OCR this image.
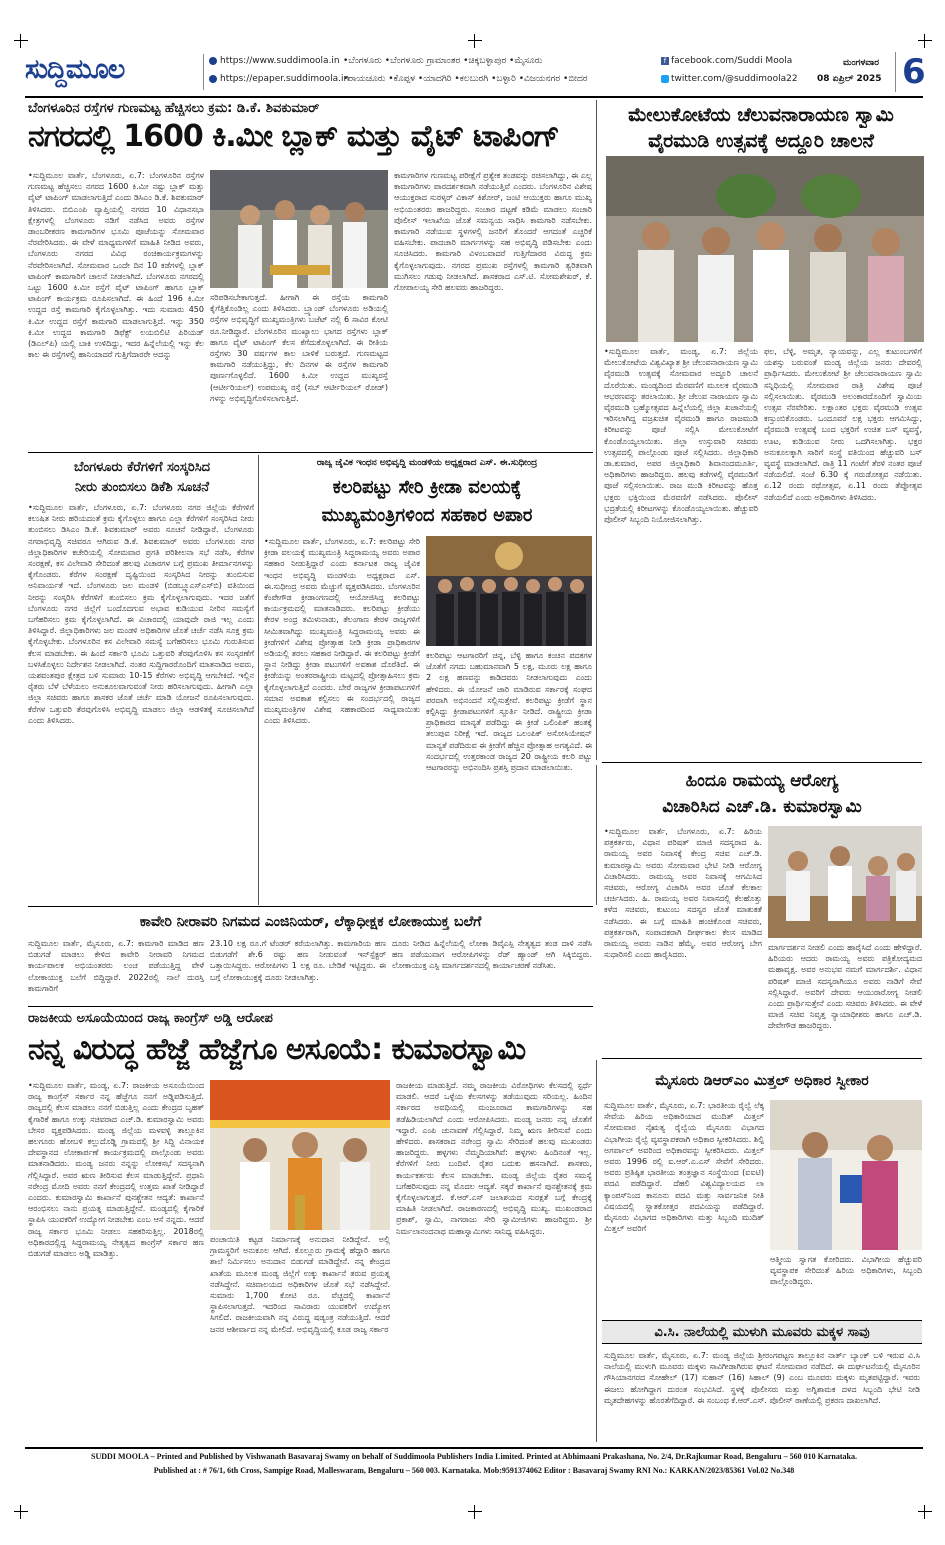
ಸುದ್ದಿಮೂಲ	https://www.suddimoola.in
https://epaper.suddimoola.in
•ಬೆಂಗಳೂರು •ಬೆಂಗಳೂರು ಗ್ರಾಮಾಂತರ •ಚಿಕ್ಕಬಳ್ಳಾಪುರ •ಮೈಸೂರು
•ರಾಯಚೂರು •ಕೊಪ್ಪಳ •ಯಾದಗಿರಿ •ಕಲಬುರಗಿ •ಬಳ್ಳಾರಿ •ವಿಜಯನಗರ •ಬೀದರ
f facebook.com/Suddi Moola
twitter.com/@suddimoola22
ಮಂಗಳವಾರ
08 ಏಪ್ರಿಲ್ 2025 6
ಬೆಂಗಳೂರಿನ ರಸ್ತೆಗಳ ಗುಣಮಟ್ಟ ಹೆಚ್ಚಿಸಲು ಕ್ರಮ: ಡಿ.ಕೆ. ಶಿವಕುಮಾರ್
ನಗರದಲ್ಲಿ 1600 ಕಿ.ಮೀ ಬ್ಲಾಕ್ ಮತ್ತು ವೈಟ್ ಟಾಪಿಂಗ್
•ಸುದ್ದಿಮೂಲ ವಾರ್ತೆ, ಬೆಂಗಳೂರು, ಏ.7: ಬೆಂಗಳೂರಿನ ರಸ್ತೆಗಳ ಗುಣಮಟ್ಟ ಹೆಚ್ಚಿಸಲು ನಗರದ 1600 ಕಿ.ಮೀ ನಷ್ಟು ಬ್ಲಾಕ್ ಮತ್ತು ವೈಟ್ ಟಾಪಿಂಗ್ ಮಾಡಲಾಗುತ್ತಿದೆ ಎಂದು ಡಿಸಿಎಂ ಡಿ.ಕೆ. ಶಿವಕುಮಾರ್ ತಿಳಿಸಿದರು. ಬಿಬಿಎಂಪಿ ವ್ಯಾಪ್ತಿಯಲ್ಲಿ ನಗರದ 10 ವಿಧಾನಸಭಾ ಕ್ಷೇತ್ರಗಳಲ್ಲಿ ಬೆಂಗಳೂರು ನಡಿಗೆ ನಡೆಸಿದ ಅವರು ರಸ್ತೆಗಳ ಡಾಂಬರೀಕರಣ ಕಾಮಗಾರಿಗಳ ಭೂಮಿ ಪೂಜೆಯನ್ನು ಸೋಮವಾರ ನೆರವೇರಿಸಿದರು. ಈ ವೇಳೆ ಮಾಧ್ಯಮಗಳಿಗೆ ಮಾಹಿತಿ ನೀಡಿದ ಅವರು, ಬೆಂಗಳೂರು ನಗರದ ವಿವಿಧ ರಂಚಿಕಾರ್ಯಕ್ರಮಗಳನ್ನು ನೆರವೇರಿಸಲಾಗಿದೆ. ಸೋಮವಾರ ಒಂದೇ ದಿನ 10 ಕಡೆಗಳಲ್ಲಿ ಬ್ಲಾಕ್ ಟಾಪಿಂಗ್ ಕಾಮಗಾರಿಗೆ ಚಾಲನೆ ನೀಡಲಾಗಿದೆ. ಬೆಂಗಳೂರು ನಗರದಲ್ಲಿ ಒಟ್ಟು 1600 ಕಿ.ಮೀ ರಸ್ತೆಗೆ ವೈಟ್ ಟಾಪಿಂಗ್ ಹಾಗೂ ಬ್ಲಾಕ್ ಟಾಪಿಂಗ್ ಕಾರ್ಯಕ್ರಮ ರೂಪಿಸಲಾಗಿದೆ. ಈ ಹಿಂದೆ 196 ಕಿ.ಮೀ ಉದ್ದದ ರಸ್ತೆ ಕಾಮಗಾರಿ ಕೈಗೊಳ್ಳಲಾಗಿತ್ತು. ಇದು ಸುಮಾರು 450 ಕಿ.ಮೀ ಉದ್ದದ ರಸ್ತೆಗೆ ಕಾಮಗಾರಿ ಮಾಡಲಾಗುತ್ತಿದೆ. ಇನ್ನು 350 ಕಿ.ಮೀ ಉದ್ದದ ಕಾಮಗಾರಿ ಡಿಫೆಕ್ಟ್ ಲಯಬಿಲಿಟಿ ಪಿರಿಯಡ್ (ಡಿಎಲ್‌ಪಿ) ಯಲ್ಲಿ ಬಾಕಿ ಉಳಿದಿದ್ದು, ಇದರ ಹಿನ್ನೆಲೆಯಲ್ಲಿ ಇನ್ನು ಕೆಲ ಕಾಲ ಈ ರಸ್ತೆಗಳಲ್ಲಿ ಹಾನಿಯಾದರೆ ಗುತ್ತಿಗೆದಾರರೇ ಅದನ್ನು
ಸರಿಪಡಿಸಬೇಕಾಗುತ್ತದೆ. ಹೀಗಾಗಿ ಈ ರಸ್ತೆಯ ಕಾಮಗಾರಿ ಕೈಗೆತ್ತಿಕೊಂಡಿಲ್ಲ ಎಂದು ತಿಳಿಸಿದರು. ಬ್ರ್ಯಾಂಡ್ ಬೆಂಗಳೂರು ಅಡಿಯಲ್ಲಿ ರಸ್ತೆಗಳ ಅಭಿವೃದ್ಧಿಗೆ ಮುಖ್ಯಮಂತ್ರಿಗಳು ಬಜೆಟ್ ನಲ್ಲಿ 6 ಸಾವಿರ ಕೋಟಿ ರೂ.ನೀಡಿದ್ದಾರೆ. ಬೆಂಗಳೂರಿನ ಮುಖ್ಯಾಲು ಭಾಗದ ರಸ್ತೆಗಳು ಬ್ಲಾಕ್ ಹಾಗೂ ವೈಟ್ ಟಾಪಿಂಗ್ ಕೆಲಸ ಕೆಗೆದುಕೊಳ್ಳಲಾಗಿದೆ. ಈ ರೀತಿಯ ರಸ್ತೆಗಳು 30 ವರ್ಷಗಳ ಕಾಲ ಬಾಳಿಕೆ ಬರುತ್ತದೆ. ಗುಣಮಟ್ಟದ ಕಾಮಗಾರಿ ನಡೆಯುತ್ತಿದ್ದು, ಕೆಲ ದಿನಗಳ ಈ ರಸ್ತೆಗಳ ಕಾಮಗಾರಿ ಪೂರ್ಣಗೊಳ್ಳಲಿದೆ. 1600 ಕಿ.ಮೀ ಉದ್ದದ ಮುಖ್ಯರಸ್ತೆ (ಆರ್ಟೀರಿಯಲ್) ಉಪಮುಖ್ಯ ರಸ್ತೆ (ಸಬ್ ಆರ್ಟೀರಿಯಲ್ ರೋಡ್) ಗಳನ್ನು ಅಭಿವೃದ್ಧಿಗೊಳಿಸಲಾಗುತ್ತಿದೆ.
ಕಾಮಗಾರಿಗಳ ಗುಣಮಟ್ಟ ಪರೀಕ್ಷೆಗೆ ಪ್ರತ್ಯೇಕ ತಂಡವನ್ನು ರಚಿಸಲಾಗಿದ್ದು, ಈ ಎಲ್ಲ ಕಾಮಗಾರಿಗಳು ಪಾರದರ್ಶಕವಾಗಿ ನಡೆಯುತ್ತಿವೆ ಎಂದರು. ಬೆಂಗಳೂರಿನ ವಿಶೇಷ ಆಯುಕ್ತರಾದ ಸುರಳ್ಕರ್ ವಿಕಾಸ್ ಕಿಶೋರ್, ಜಂಟಿ ಆಯುಕ್ತರು ಹಾಗೂ ಮುಖ್ಯ ಅಭಿಯಂತರರು ಹಾಜರಿದ್ದರು. ಸಂಚಾರ ದಟ್ಟಣೆ ಕಡಿಮೆ ಮಾಡಲು ಸಂಚಾರಿ ಪೊಲೀಸ್ ಇಲಾಖೆಯ ಜೊತೆ ಸಮನ್ವಯ ಸಾಧಿಸಿ ಕಾಮಗಾರಿ ನಡೆಸಬೇಕು. ಕಾಮಗಾರಿ ನಡೆಯುವ ಸ್ಥಳಗಳಲ್ಲಿ ಜನರಿಗೆ ತೊಂದರೆ ಆಗದಂತೆ ಎಚ್ಚರಿಕೆ ವಹಿಸಬೇಕು. ಪಾದಚಾರಿ ಮಾರ್ಗಗಳನ್ನು ಸಹ ಅಭಿವೃದ್ಧಿ ಪಡಿಸಬೇಕು ಎಂದು ಸೂಚಿಸಿದರು. ಕಾಮಗಾರಿ ವಿಳಂಬವಾದರೆ ಗುತ್ತಿಗೆದಾರರ ವಿರುದ್ಧ ಕ್ರಮ ಕೈಗೊಳ್ಳಲಾಗುವುದು. ನಗರದ ಪ್ರಮುಖ ರಸ್ತೆಗಳಲ್ಲಿ ಕಾಮಗಾರಿ ತ್ವರಿತವಾಗಿ ಮುಗಿಸಲು ಗಡುವು ನೀಡಲಾಗಿದೆ. ಶಾಸಕರಾದ ಎಸ್.ಟಿ. ಸೋಮಶೇಖರ್, ಕೆ. ಗೋಪಾಲಯ್ಯ ಸೇರಿ ಹಲವರು ಹಾಜರಿದ್ದರು.
ಮೇಲುಕೋಟೆಯ ಚೆಲುವನಾರಾಯಣ ಸ್ವಾಮಿ
ವೈರಮುಡಿ ಉತ್ಸವಕ್ಕೆ ಅದ್ದೂರಿ ಚಾಲನೆ
•ಸುದ್ದಿಮೂಲ ವಾರ್ತೆ, ಮಂಡ್ಯ, ಏ.7: ಜಿಲ್ಲೆಯ ಮೇಲುಕೋಟೆಯ ವಿಶ್ವವಿಖ್ಯಾತ ಶ್ರೀ ಚೆಲುವನಾರಾಯಣ ಸ್ವಾಮಿ ವೈರಮುಡಿ ಉತ್ಸವಕ್ಕೆ ಸೋಮವಾರ ಅದ್ದೂರಿ ಚಾಲನೆ ದೊರೆಯಿತು. ಮಂಡ್ಯದಿಂದ ಮೆರವಣಿಗೆ ಮೂಲಕ ವೈರಮುಡಿ ಆಭರಣವನ್ನು ತರಲಾಯಿತು. ಶ್ರೀ ಚೆಲುವ ನಾರಾಯಣ ಸ್ವಾಮಿ ವೈರಮುಡಿ ಬ್ರಹ್ಮೋತ್ಸವದ ಹಿನ್ನೆಲೆಯಲ್ಲಿ ಜಿಲ್ಲಾ ಖಜಾನೆಯಲ್ಲಿ ಇರಿಸಲಾಗಿದ್ದ ವಜ್ರಖಚಿತ ವೈರಮುಡಿ ಹಾಗೂ ರಾಜಮುಡಿ ಕಿರೀಟವನ್ನು ಪೂಜೆ ಸಲ್ಲಿಸಿ ಮೇಲುಕೋಟೆಗೆ ಕೊಂಡೊಯ್ಯಲಾಯಿತು. ಜಿಲ್ಲಾ ಉಸ್ತುವಾರಿ ಸಚಿವರು ಉತ್ಸವದಲ್ಲಿ ಪಾಲ್ಗೊಂಡು ಪೂಜೆ ಸಲ್ಲಿಸಿದರು. ಜಿಲ್ಲಾಧಿಕಾರಿ ಡಾ.ಕುಮಾರ, ಅಪರ ಜಿಲ್ಲಾಧಿಕಾರಿ ಶಿವಾನಂದಮೂರ್ತಿ, ಅಧಿಕಾರಿಗಳು ಹಾಜರಿದ್ದರು. ಹಲವು ಕಡೆಗಳಲ್ಲಿ ವೈರಮುಡಿಗೆ ಪೂಜೆ ಸಲ್ಲಿಸಲಾಯಿತು. ರಾಜ ಮುಡಿ ಕಿರೀಟವನ್ನು ಹೊತ್ತ ಭಕ್ತರು ಭಕ್ತಿಯಿಂದ ಮೆರವಣಿಗೆ ನಡೆಸಿದರು. ಪೊಲೀಸ್ ಭದ್ರತೆಯಲ್ಲಿ ಕಿರೀಟಗಳನ್ನು ಕೊಂಡೊಯ್ಯಲಾಯಿತು. ಹೆಚ್ಚುವರಿ ಪೊಲೀಸ್ ಸಿಬ್ಬಂದಿ ನಿಯೋಜಿಸಲಾಗಿತ್ತು.
ಫಲ, ಬೆಳ್ಳಿ, ಅಮೃತ, ನ್ಯಾಯವನ್ನು, ಎಲ್ಲ ಕುಟುಂಬಗಳಿಗೆ ಯಶಸ್ಸು ಬರುವಂತೆ ಮಂಡ್ಯ ಜಿಲ್ಲೆಯ ಜನರು ದೇವರಲ್ಲಿ ಪ್ರಾರ್ಥಿಸಿದರು. ಮೇಲುಕೋಟೆ ಶ್ರೀ ಚೆಲುವನಾರಾಯಣ ಸ್ವಾಮಿ ಸನ್ನಿಧಿಯಲ್ಲಿ ಸೋಮವಾರ ರಾತ್ರಿ ವಿಶೇಷ ಪೂಜೆ ಸಲ್ಲಿಸಲಾಯಿತು. ವೈರಮುಡಿ ಅಲಂಕಾರದೊಂದಿಗೆ ಸ್ವಾಮಿಯ ಉತ್ಸವ ನೆರವೇರಿತು. ಲಕ್ಷಾಂತರ ಭಕ್ತರು ವೈರಮುಡಿ ಉತ್ಸವ ಕಣ್ತುಂಬಿಕೊಂಡರು. ಒಂದೂವರೆ ಲಕ್ಷ ಭಕ್ತರು ಆಗಮಿಸಿದ್ದು, ವೈರಮುಡಿ ಉತ್ಸವಕ್ಕೆ ಬಂದ ಭಕ್ತರಿಗೆ ಉಚಿತ ಬಸ್ ವ್ಯವಸ್ಥೆ, ಊಟ, ಕುಡಿಯುವ ನೀರು ಒದಗಿಸಲಾಗಿತ್ತು. ಭಕ್ತರ ಅನುಕೂಲಕ್ಕಾಗಿ ಸಾರಿಗೆ ಸಂಸ್ಥೆ ವತಿಯಿಂದ ಹೆಚ್ಚುವರಿ ಬಸ್ ವ್ಯವಸ್ಥೆ ಮಾಡಲಾಗಿದೆ. ರಾತ್ರಿ 11 ಗಂಟೆಗೆ ತೆರಳಿ ನಂತರ ಪೂಜೆ ನಡೆಯಲಿದೆ. ಸಂಜೆ 6.30 ಕ್ಕೆ ಗರುಡೋತ್ಸವ ನಡೆಯಿತು. ಏ.12 ರಂದು ರಥೋತ್ಸವ, ಏ.11 ರಂದು ತೆಪ್ಪೋತ್ಸವ ನಡೆಯಲಿದೆ ಎಂದು ಅಧಿಕಾರಿಗಳು ತಿಳಿಸಿದರು.
ಬೆಂಗಳೂರು ಕೆರೆಗಳಿಗೆ ಸಂಸ್ಕರಿಸಿದ
ನೀರು ತುಂಬಿಸಲು ಡಿಕೆಶಿ ಸೂಚನೆ
•ಸುದ್ದಿಮೂಲ ವಾರ್ತೆ, ಬೆಂಗಳೂರು, ಏ.7: ಬೆಂಗಳೂರು ನಗರ ಜಿಲ್ಲೆಯ ಕೆರೆಗಳಿಗೆ ಕಲುಷಿತ ನೀರು ಹರಿಯದಂತೆ ಕ್ರಮ ಕೈಗೊಳ್ಳಲು ಹಾಗೂ ಎಲ್ಲಾ ಕೆರೆಗಳಿಗೆ ಸಂಸ್ಕರಿಸಿದ ನೀರು ತುಂಬಿಸಲು ಡಿಸಿಎಂ ಡಿ.ಕೆ. ಶಿವಕುಮಾರ್ ಅವರು ಸೂಚನೆ ನೀಡಿದ್ದಾರೆ. ಬೆಂಗಳೂರು ನಗರಾಭಿವೃದ್ಧಿ ಸಚಿವರೂ ಆಗಿರುವ ಡಿ.ಕೆ. ಶಿವಕುಮಾರ್ ಅವರು ಬೆಂಗಳೂರು ನಗರ ಜಿಲ್ಲಾಧಿಕಾರಿಗಳ ಕಚೇರಿಯಲ್ಲಿ ಸೋಮವಾರ ಪ್ರಗತಿ ಪರಿಶೀಲನಾ ಸಭೆ ನಡೆಸಿ, ಕೆರೆಗಳ ಸಂರಕ್ಷಣೆ, ಕಸ ವಿಲೇವಾರಿ ಸೇರಿದಂತೆ ಹಲವು ವಿಚಾರಗಳ ಬಗ್ಗೆ ಪ್ರಮುಖ ತೀರ್ಮಾನಗಳನ್ನು ಕೈಗೊಂಡರು. ಕೆರೆಗಳ ಸಂರಕ್ಷಣೆ ದೃಷ್ಟಿಯಿಂದ ಸಂಸ್ಕರಿಸಿದ ನೀರನ್ನು ತುಂಬಿಸುವ ಅನಿವಾರ್ಯತೆ ಇದೆ. ಬೆಂಗಳೂರು ಜಲ ಮಂಡಳಿ (ಬಿಡಬ್ಲ್ಯೂಎಸ್‌ಎಸ್‌ಬಿ) ವತಿಯಿಂದ ನೀರನ್ನು ಸಂಸ್ಕರಿಸಿ ಕೆರೆಗಳಿಗೆ ತುಂಬಿಸಲು ಕ್ರಮ ಕೈಗೊಳ್ಳಲಾಗುವುದು. ಇದರ ಜತೆಗೆ ಬೆಂಗಳೂರು ನಗರ ಜಿಲ್ಲೆಗೆ ಬಂದೊದಗುವ ಅಭಾವ ಕುಡಿಯುವ ನೀರಿನ ಸಮಸ್ಯೆಗೆ ಬಗೆಹರಿಸಲು ಕ್ರಮ ಕೈಗೊಳ್ಳಲಾಗಿದೆ. ಈ ವಿಚಾರದಲ್ಲಿ ಯಾವುದೇ ರಾಜಿ ಇಲ್ಲ ಎಂದು ತಿಳಿಸಿದ್ದಾರೆ. ಜಿಲ್ಲಾಧಿಕಾರಿಗಳು ಜಲ ಮಂಡಳಿ ಅಧಿಕಾರಿಗಳ ಜೊತೆ ಚರ್ಚೆ ನಡೆಸಿ ಸೂಕ್ತ ಕ್ರಮ ಕೈಗೊಳ್ಳಬೇಕು. ಬೆಂಗಳೂರಿನ ಕಸ ವಿಲೇವಾರಿ ಸಮಸ್ಯೆ ಬಗೆಹರಿಸಲು ಭೂಮಿ ಗುರುತಿಸುವ ಕೆಲಸ ಮಾಡಬೇಕು. ಈ ಹಿಂದೆ ಸರ್ಕಾರಿ ಭೂಮಿ ಒತ್ತುವರಿ ತೆರವುಗೊಳಿಸಿ ಕಸ ಸಂಸ್ಕರಣೆಗೆ ಬಳಸಿಕೊಳ್ಳಲು ನಿರ್ದೇಶನ ನೀಡಲಾಗಿದೆ. ನಂತರ ಸುದ್ದಿಗಾರರೊಂದಿಗೆ ಮಾತನಾಡಿದ ಅವರು, ಯಶವಂತಪುರ ಕ್ಷೇತ್ರದ ಬಳಿ ಸುಮಾರು 10-15 ಕೆರೆಗಳು ಅಭಿವೃದ್ಧಿ ಆಗಬೇಕಿದೆ. ಇಲ್ಲಿನ ರೈತರು ಬೆಳೆ ಬೆಳೆಯಲು ಅನುಕೂಲವಾಗುವಂತೆ ನೀರು ಹರಿಸಲಾಗುವುದು. ಹೀಗಾಗಿ ಎಲ್ಲಾ ಜಿಲ್ಲಾ ಸಚಿವರು ಹಾಗೂ ಶಾಸಕರ ಜೊತೆ ಚರ್ಚೆ ಮಾಡಿ ಯೋಜನೆ ರೂಪಿಸಲಾಗುವುದು. ಕೆರೆಗಳ ಒತ್ತುವರಿ ತೆರವುಗೊಳಿಸಿ ಅಭಿವೃದ್ಧಿ ಮಾಡಲು ಜಿಲ್ಲಾ ಆಡಳಿತಕ್ಕೆ ಸೂಚಿಸಲಾಗಿದೆ ಎಂದು ತಿಳಿಸಿದರು.
ರಾಜ್ಯ ಜೈವಿಕ ಇಂಧನ ಅಭಿವೃದ್ಧಿ ಮಂಡಳಿಯ ಅಧ್ಯಕ್ಷರಾದ ಎಸ್. ಈ.ಸುಧೀಂದ್ರ
ಕಲರಿಪಟ್ಟು ಸೇರಿ ಕ್ರೀಡಾ ವಲಯಕ್ಕೆ
ಮುಖ್ಯಮಂತ್ರಿಗಳಿಂದ ಸಹಕಾರ ಅಪಾರ
•ಸುದ್ದಿಮೂಲ ವಾರ್ತೆ, ಬೆಂಗಳೂರು, ಏ.7: ಕಲರಿಪಟ್ಟು ಸೇರಿ ಕ್ರೀಡಾ ವಲಯಕ್ಕೆ ಮುಖ್ಯಮಂತ್ರಿ ಸಿದ್ದರಾಮಯ್ಯ ಅವರು ಅಪಾರ ಸಹಕಾರ ನೀಡುತ್ತಿದ್ದಾರೆ ಎಂದು ಕರ್ನಾಟಕ ರಾಜ್ಯ ಜೈವಿಕ ಇಂಧನ ಅಭಿವೃದ್ಧಿ ಮಂಡಳಿಯ ಅಧ್ಯಕ್ಷರಾದ ಎಸ್. ಈ.ಸುಧೀಂದ್ರ ಅವರು ಮೆಚ್ಚುಗೆ ವ್ಯಕ್ತಪಡಿಸಿದರು. ಬೆಂಗಳೂರಿನ ಕೆಂಪೇಗೌಡ ಕ್ರೀಡಾಂಗಣದಲ್ಲಿ ಆಯೋಜಿಸಿದ್ದ ಕಲರಿಪಟ್ಟು ಕಾರ್ಯಕ್ರಮದಲ್ಲಿ ಮಾತನಾಡಿದರು. ಕಲರಿಪಟ್ಟು ಕ್ರೀಡೆಯು ಕೇರಳ ಅಂಧ್ರ ತಮಿಳುನಾಡು, ತೆಲಂಗಾಣ ಕೇರಳ ರಾಜ್ಯಗಳಿಗೆ ಸೀಮಿತವಾಗಿದ್ದು ಮುಖ್ಯಮಂತ್ರಿ ಸಿದ್ದರಾಮಯ್ಯ ಅವರು ಈ ಕ್ರೀಡೆಗಳಿಗೆ ವಿಶೇಷ ಪ್ರೋತ್ಸಾಹ ನೀಡಿ ಕ್ರೀಡಾ ಪ್ರಾಧಿಕಾರಗಳ ಅಡಿಯಲ್ಲಿ ತರಲು ಸಹಕಾರ ನೀಡಿದ್ದಾರೆ. ಈ ಕಲರಿಪಟ್ಟು ಕ್ರೀಡೆಗೆ ಸ್ಥಾನ ನೀಡಿದ್ದು ಕ್ರೀಡಾ ಪಟುಗಳಿಗೆ ಅವಕಾಶ ದೊರೆತಿದೆ. ಈ ಕ್ರೀಡೆಯನ್ನು ಅಂತರರಾಷ್ಟ್ರೀಯ ಮಟ್ಟದಲ್ಲಿ ಪ್ರೋತ್ಸಾಹಿಸಲು ಕ್ರಮ ಕೈಗೊಳ್ಳಲಾಗುತ್ತಿದೆ ಎಂದರು. ಬೇರೆ ರಾಜ್ಯಗಳ ಕ್ರೀಡಾಪಟುಗಳಿಗೆ ಸಮಾನ ಅವಕಾಶ ಕಲ್ಪಿಸಲು ಈ ಸಂದರ್ಭದಲ್ಲಿ ರಾಜ್ಯದ ಮುಖ್ಯಮಂತ್ರಿಗಳ ವಿಶೇಷ ಸಹಕಾರದಿಂದ ಸಾಧ್ಯವಾಯಿತು ಎಂದು ತಿಳಿಸಿದರು.
ಕಲರಿಪಟ್ಟು ಆಟಗಾರರಿಗೆ ಚಿನ್ನ, ಬೆಳ್ಳಿ ಹಾಗೂ ಕಂಚಿನ ಪದಕಗಳ ಜೊತೆಗೆ ನಗದು ಬಹುಮಾನವಾಗಿ 5 ಲಕ್ಷ, ಮೂರು ಲಕ್ಷ ಹಾಗೂ 2 ಲಕ್ಷ ಹಣವನ್ನು ಕಾಡಿದವರು ನೀಡಲಾಗುವುದು ಎಂದು ಹೇಳಿದರು. ಈ ಯೋಜನೆ ಜಾರಿ ಮಾಡಿರುವ ಸರ್ಕಾರಕ್ಕೆ ಸಂಘದ ಪರವಾಗಿ ಅಭಿನಂದನೆ ಸಲ್ಲಿಸುತ್ತೇವೆ. ಕಲರಿಪಟ್ಟು ಕ್ರೀಡೆಗೆ ಸ್ಥಾನ ಕಲ್ಪಿಸಿದ್ದು ಕ್ರೀಡಾಪಟುಗಳಿಗೆ ಸ್ಪೂರ್ತಿ ನೀಡಿದೆ. ರಾಷ್ಟ್ರೀಯ ಕ್ರೀಡಾ ಪ್ರಾಧಿಕಾರದ ಮಾನ್ಯತೆ ಪಡೆದಿದ್ದು ಈ ಕ್ರೀಡೆ ಒಲಿಂಪಿಕ್ ಹಂತಕ್ಕೆ ತಲುಪುವ ನಿರೀಕ್ಷೆ ಇದೆ. ರಾಜ್ಯದ ಒಲಂಪಿಕ್ ಅಸೋಸಿಯೇಷನ್ ಮಾನ್ಯತೆ ಪಡೆದಿರುವ ಈ ಕ್ರೀಡೆಗೆ ಹೆಚ್ಚಿನ ಪ್ರೋತ್ಸಾಹ ಅಗತ್ಯವಿದೆ. ಈ ಸಂದರ್ಭದಲ್ಲಿ ಉತ್ತರಕಾಂಡ ರಾಜ್ಯದ 20 ರಾಷ್ಟ್ರೀಯ ಕಲರಿ ಪಟ್ಟು ಆಟಗಾರರನ್ನು ಅಭಿನಂದಿಸಿ ಪ್ರಶಸ್ತಿ ಪ್ರದಾನ ಮಾಡಲಾಯಿತು.
ಹಿಂದೂ ರಾಮಯ್ಯ ಆರೋಗ್ಯ
ವಿಚಾರಿಸಿದ ಎಚ್.ಡಿ. ಕುಮಾರಸ್ವಾಮಿ
•ಸುದ್ದಿಮೂಲ ವಾರ್ತೆ, ಬೆಂಗಳೂರು, ಏ.7: ಹಿರಿಯ ಪತ್ರಕರ್ತರು, ವಿಧಾನ ಪರಿಷತ್ ಮಾಜಿ ಸದಸ್ಯರಾದ ಹಿ. ರಾಮಯ್ಯ ಅವರ ನಿವಾಸಕ್ಕೆ ಕೇಂದ್ರ ಸಚಿವ ಎಚ್.ಡಿ. ಕುಮಾರಸ್ವಾಮಿ ಅವರು ಸೋಮವಾರ ಭೇಟಿ ನೀಡಿ ಆರೋಗ್ಯ ವಿಚಾರಿಸಿದರು. ರಾಮಯ್ಯ ಅವರ ನಿವಾಸಕ್ಕೆ ಆಗಮಿಸಿದ ಸಚಿವರು, ಆರೋಗ್ಯ ವಿಚಾರಿಸಿ ಅವರ ಜೊತೆ ಕೆಲಕಾಲ ಚರ್ಚಿಸಿದರು. ಹಿ. ರಾಮಯ್ಯ ಅವರ ನಿವಾಸದಲ್ಲಿ ಕೆಲಹೊತ್ತು ಕಳೆದ ಸಚಿವರು, ಕುಟುಂಬ ಸದಸ್ಯರ ಜೊತೆ ಮಾತುಕತೆ ನಡೆಸಿದರು. ಈ ಬಗ್ಗೆ ಮಾಹಿತಿ ಹಂಚಿಕೊಂಡ ಸಚಿವರು, ಪತ್ರಕರ್ತರಾಗಿ, ಸಂಪಾದಕರಾಗಿ ದೀರ್ಘಕಾಲ ಕೆಲಸ ಮಾಡಿದ ರಾಮಯ್ಯ ಅವರು ನಾಡಿನ ಹೆಮ್ಮೆ. ಅವರ ಆರೋಗ್ಯ ಬೇಗ ಸುಧಾರಿಸಲಿ ಎಂದು ಹಾರೈಸಿದರು.
ಮಾರ್ಗದರ್ಶನ ನೀಡಲಿ ಎಂದು ಹಾರೈಸಿದೆ ಎಂದು ಹೇಳಿದ್ದಾರೆ. ಹಿರಿಯರು ಆದರು ರಾಮಯ್ಯ ಅವರು ಪತ್ರಿಕೋದ್ಯಮದ ಮಹಾವೃಕ್ಷ. ಅವರ ಅನುಭವ ನಮಗೆ ಮಾರ್ಗದರ್ಶಿ. ವಿಧಾನ ಪರಿಷತ್ ಮಾಜಿ ಸದಸ್ಯರಾಗಿಯೂ ಅವರು ನಾಡಿಗೆ ಸೇವೆ ಸಲ್ಲಿಸಿದ್ದಾರೆ. ಅವರಿಗೆ ದೇವರು ಆಯುರಾರೋಗ್ಯ ನೀಡಲಿ ಎಂದು ಪ್ರಾರ್ಥಿಸುತ್ತೇನೆ ಎಂದು ಸಚಿವರು ತಿಳಿಸಿದರು. ಈ ವೇಳೆ ಮಾಜಿ ಸಚಿವ ನಿವೃತ್ತ ನ್ಯಾಯಾಧೀಶರು ಹಾಗೂ ಎಚ್.ಡಿ. ದೇವೇಗೌಡ ಹಾಜರಿದ್ದರು.
ಕಾವೇರಿ ನೀರಾವರಿ ನಿಗಮದ ಎಂಜಿನಿಯರ್, ಲೆಕ್ಕಾಧೀಕ್ಷಕ ಲೋಕಾಯುಕ್ತ ಬಲೆಗೆ
ಸುದ್ದಿಮೂಲ ವಾರ್ತೆ, ಮೈಸೂರು, ಏ.7: ಕಾಮಗಾರಿ ಮಾಡಿದ ಹಣ ಬಿಡುಗಡೆ ಮಾಡಲು ಕೇಳಿದ ಕಾವೇರಿ ನೀರಾವರಿ ನಿಗಮದ ಕಾರ್ಯಪಾಲಕ ಅಭಿಯಂತರರು ಲಂಚ ಪಡೆಯುತ್ತಿದ್ದ ವೇಳೆ ಲೋಕಾಯುಕ್ತ ಬಲೆಗೆ ಬಿದ್ದಿದ್ದಾರೆ. 2022ರಲ್ಲಿ ನಾಲೆ ದುರಸ್ತಿ ಕಾಮಗಾರಿಗೆ
23.10 ಲಕ್ಷ ರೂ.ಗೆ ಟೆಂಡರ್ ಕರೆಯಲಾಗಿತ್ತು. ಕಾಮಗಾರಿಯ ಹಣ ಬಿಡುಗಡೆಗೆ ಶೇ.6 ರಷ್ಟು ಹಣ ನೀಡುವಂತೆ ಇನ್‌ಸ್ಪೆಕ್ಟರ್ ಒತ್ತಾಯಿಸಿದ್ದರು. ಆರೋಪಿಗಳು 1 ಲಕ್ಷ ರೂ. ಬೇಡಿಕೆ ಇಟ್ಟಿದ್ದರು. ಈ ಬಗ್ಗೆ ಲೋಕಾಯುಕ್ತಕ್ಕೆ ದೂರು ನೀಡಲಾಗಿತ್ತು.
ದೂರು ನೀಡಿದ ಹಿನ್ನೆಲೆಯಲ್ಲಿ ಲೋಕಾ ಡಿವೈಎಸ್ಪಿ ನೇತೃತ್ವದ ತಂಡ ದಾಳಿ ನಡೆಸಿ ಹಣ ಪಡೆಯುವಾಗ ಆರೋಪಿಗಳನ್ನು ರೆಡ್ ಹ್ಯಾಂಡ್ ಆಗಿ ಸಿಕ್ಕಿಬಿದ್ದರು. ಲೋಕಾಯುಕ್ತ ಎಸ್ಪಿ ಮಾರ್ಗದರ್ಶನದಲ್ಲಿ ಕಾರ್ಯಾಚರಣೆ ನಡೆಸಿತು.
ರಾಜಕೀಯ ಅಸೂಯೆಯಿಂದ ರಾಜ್ಯ ಕಾಂಗ್ರೆಸ್ ಅಡ್ಡಿ ಆರೋಪ
ನನ್ನ ವಿರುದ್ಧ ಹೆಜ್ಜೆ ಹೆಜ್ಜೆಗೂ ಅಸೂಯೆ: ಕುಮಾರಸ್ವಾಮಿ
•ಸುದ್ದಿಮೂಲ ವಾರ್ತೆ, ಮಂಡ್ಯ, ಏ.7: ರಾಜಕೀಯ ಅಸೂಯೆಯಿಂದ ರಾಜ್ಯ ಕಾಂಗ್ರೆಸ್ ಸರ್ಕಾರ ನನ್ನ ಹೆಜ್ಜೆಗೂ ನನಗೆ ಅಡ್ಡಿಪಡಿಸುತ್ತಿದೆ. ರಾಜ್ಯದಲ್ಲಿ ಕೆಲಸ ಮಾಡಲು ನನಗೆ ಬಿಡುತ್ತಿಲ್ಲ ಎಂದು ಕೇಂದ್ರದ ಬೃಹತ್ ಕೈಗಾರಿಕೆ ಹಾಗೂ ಉಕ್ಕು ಸಚಿವರಾದ ಎಚ್.ಡಿ. ಕುಮಾರಸ್ವಾಮಿ ಅವರು ಬೇಸರ ವ್ಯಕ್ತಪಡಿಸಿದರು. ಮಂಡ್ಯ ಜಿಲ್ಲೆಯ ಮಳವಳ್ಳಿ ತಾಲ್ಲೂಕಿನ ಹಲಗೂರು ಹೋಬಳಿ ಕಲ್ಲುದೊಡ್ಡಿ ಗ್ರಾಮದಲ್ಲಿ ಶ್ರೀ ಸಿದ್ದಿ ವಿನಾಯಕ ದೇವಸ್ಥಾನದ ಲೋಕಾರ್ಪಣೆ ಕಾರ್ಯಕ್ರಮದಲ್ಲಿ ಪಾಲ್ಗೊಂಡು ಅವರು ಮಾತನಾಡಿದರು. ಮಂಡ್ಯ ಜನರು ನನ್ನನ್ನು ಲೋಕಸಭೆ ಸದಸ್ಯನಾಗಿ ಗೆಲ್ಲಿಸಿದ್ದಾರೆ. ಅವರ ಋಣ ತೀರಿಸುವ ಕೆಲಸ ಮಾಡುತ್ತಿದ್ದೇನೆ. ಪ್ರಧಾನಿ ನರೇಂದ್ರ ಮೋದಿ ಅವರು ನನಗೆ ಕೇಂದ್ರದಲ್ಲಿ ಉತ್ತಮ ಖಾತೆ ನೀಡಿದ್ದಾರೆ ಎಂದರು. ಕುಮಾರಸ್ವಾಮಿ ಕಾರ್ಖಾನೆ ಪುನಶ್ಚೇತನ ಆದ್ಯತೆ: ಕಾರ್ಖಾನೆ ಆರಂಭಿಸಲು ನಾನು ಪ್ರಯತ್ನ ಮಾಡುತ್ತಿದ್ದೇನೆ. ಮಂಡ್ಯದಲ್ಲಿ ಕೈಗಾರಿಕೆ ಸ್ಥಾಪಿಸಿ ಯುವಕರಿಗೆ ಉದ್ಯೋಗ ನೀಡಬೇಕು ಎಂಬ ಆಸೆ ನನ್ನದು. ಆದರೆ ರಾಜ್ಯ ಸರ್ಕಾರ ಭೂಮಿ ನೀಡಲು ಸಹಕರಿಸುತ್ತಿಲ್ಲ. 2018ರಲ್ಲಿ ಅಧಿಕಾರದಲ್ಲಿದ್ದ ಸಿದ್ದರಾಮಯ್ಯ ನೇತೃತ್ವದ ಕಾಂಗ್ರೆಸ್ ಸರ್ಕಾರ ಹಣ ಬಿಡುಗಡೆ ಮಾಡಲು ಅಡ್ಡಿ ಮಾಡಿತ್ತು.
ಪಂಚಾಯಿತಿ ಕಟ್ಟಡ ನಿರ್ಮಾಣಕ್ಕೆ ಅನುದಾನ ನೀಡಿದ್ದೇನೆ. ಅಲ್ಲಿ ಗ್ರಾಮಸ್ಥರಿಗೆ ಅನುಕೂಲ ಆಗಿದೆ. ಕೊಲ್ಲೂರು ಗ್ರಾಮಕ್ಕೆ ಹೆದ್ದಾರಿ ಹಾಗೂ ಶಾಲೆ ನಿರ್ಮಿಸಲು ಅನುದಾನ ಬಿಡುಗಡೆ ಮಾಡಿದ್ದೇನೆ. ನನ್ನ ಕೇಂದ್ರದ ಖಾತೆಯ ಮೂಲಕ ಮಂಡ್ಯ ಜಿಲ್ಲೆಗೆ ಉಕ್ಕು ಕಾರ್ಖಾನೆ ತರುವ ಪ್ರಯತ್ನ ನಡೆಸಿದ್ದೇನೆ. ಸಚಿವಾಲಯದ ಅಧಿಕಾರಿಗಳ ಜೊತೆ ಸಭೆ ನಡೆಸಿದ್ದೇನೆ. ಸುಮಾರು 1,700 ಕೋಟಿ ರೂ. ವೆಚ್ಚದಲ್ಲಿ ಕಾರ್ಖಾನೆ ಸ್ಥಾಪಿಸಲಾಗುತ್ತದೆ. ಇದರಿಂದ ಸಾವಿರಾರು ಯುವಕರಿಗೆ ಉದ್ಯೋಗ ಸಿಗಲಿದೆ. ರಾಜಕೀಯವಾಗಿ ನನ್ನ ವಿರುದ್ಧ ಷಡ್ಯಂತ್ರ ನಡೆಯುತ್ತಿದೆ. ಆದರೆ ಜನರ ಆಶೀರ್ವಾದ ನನ್ನ ಮೇಲಿದೆ. ಅಭಿವೃದ್ಧಿಯಲ್ಲಿ ಕೂಡ ರಾಜ್ಯ ಸರ್ಕಾರ
ರಾಜಕೀಯ ಮಾಡುತ್ತಿದೆ. ನಮ್ಮ ರಾಜಕೀಯ ವಿರೋಧಿಗಳು ಕೆಲಸದಲ್ಲಿ ಸ್ಪರ್ಧೆ ಮಾಡಲಿ. ಆದರೆ ಒಳ್ಳೆಯ ಕೆಲಸಗಳನ್ನು ತಡೆಯುವುದು ಸರಿಯಲ್ಲ. ಹಿಂದಿನ ಸರ್ಕಾರದ ಅವಧಿಯಲ್ಲಿ ಮಂಜೂರಾದ ಕಾಮಗಾರಿಗಳನ್ನು ಸಹ ತಡೆಹಿಡಿಯಲಾಗಿದೆ ಎಂದು ಆರೋಪಿಸಿದರು. ಮಂಡ್ಯ ಜನರು ನನ್ನ ಜೊತೆಗೆ ಇದ್ದಾರೆ. ಎಂಪಿ ಚುನಾವಣೆ ಗೆಲ್ಲಿಸಿದ್ದಾರೆ. ನಿಮ್ಮ ಋಣ ತೀರಿಸುವೆ ಎಂದು ಹೇಳಿದರು. ಶಾಸಕರಾದ ನರೇಂದ್ರ ಸ್ವಾಮಿ ಸೇರಿದಂತೆ ಹಲವು ಮುಖಂಡರು ಹಾಜರಿದ್ದರು. ಹಳ್ಳಗಳು ನೆಮ್ಮದಿಯಾಗಿವೆ: ಹಳ್ಳಗಳು ಹಿಂದಿನಂತೆ ಇಲ್ಲ. ಕೆರೆಗಳಿಗೆ ನೀರು ಬಂದಿವೆ. ರೈತರ ಬದುಕು ಹಸನಾಗಿದೆ. ಶಾಸಕರು, ಕಾರ್ಯಕರ್ತರು ಕೆಲಸ ಮಾಡಬೇಕು. ಮಂಡ್ಯ ಜಿಲ್ಲೆಯ ರೈತರ ಸಮಸ್ಯೆ ಬಗೆಹರಿಸುವುದು ನನ್ನ ಮೊದಲ ಆದ್ಯತೆ. ಸಕ್ಕರೆ ಕಾರ್ಖಾನೆ ಪುನಶ್ಚೇತನಕ್ಕೆ ಕ್ರಮ ಕೈಗೊಳ್ಳಲಾಗುತ್ತದೆ. ಕೆ.ಆರ್.ಎಸ್ ಜಲಾಶಯದ ಸುರಕ್ಷತೆ ಬಗ್ಗೆ ಕೇಂದ್ರಕ್ಕೆ ಮಾಹಿತಿ ನೀಡಲಾಗಿದೆ. ರಾಜಕಾರಣದಲ್ಲಿ ಅಭಿವೃದ್ಧಿ ಮುಖ್ಯ. ಮುಖಂಡರಾದ ಪ್ರಕಾಶ್, ಸ್ವಾಮಿ, ನಾಗರಾಜು ಸೇರಿ ಸ್ವಾಮೀಜಿಗಳು ಹಾಜರಿದ್ದರು. ಶ್ರೀ ನಿರ್ಮಲಾನಂದನಾಥ ಮಹಾಸ್ವಾಮಿಗಳು ಸಾನಿಧ್ಯ ವಹಿಸಿದ್ದರು.
ಮೈಸೂರು ಡಿಆರ್‌ಎಂ ಮಿತ್ತಲ್ ಅಧಿಕಾರ ಸ್ವೀಕಾರ
ಸುದ್ದಿಮೂಲ ವಾರ್ತೆ, ಮೈಸೂರು, ಏ.7: ಭಾರತೀಯ ರೈಲ್ವೆ ಲೆಕ್ಕ ಸೇವೆಯ ಹಿರಿಯ ಅಧಿಕಾರಿಯಾದ ಮುದಿತ್ ಮಿತ್ತಲ್ ಸೋಮವಾರ ನೈಋತ್ಯ ರೈಲ್ವೆಯ ಮೈಸೂರು ವಿಭಾಗದ ವಿಭಾಗೀಯ ರೈಲ್ವೆ ವ್ಯವಸ್ಥಾಪಕರಾಗಿ ಅಧಿಕಾರ ಸ್ವೀಕರಿಸಿದರು. ಶಿಲ್ಪಿ ಅಗರ್ವಾಲ್ ಅವರಿಂದ ಅಧಿಕಾರವನ್ನು ಸ್ವೀಕರಿಸಿದರು. ಮಿತ್ತಲ್ ಅವರು 1996 ರಲ್ಲಿ ಐ.ಆರ್.ಎ.ಎಸ್ ಸೇವೆಗೆ ಸೇರಿದರು. ಅವರು ಪ್ರತಿಷ್ಠಿತ ಭಾರತೀಯ ತಂತ್ರಜ್ಞಾನ ಸಂಸ್ಥೆಯಿಂದ (ಐಐಟಿ) ಪದವಿ ಪಡೆದಿದ್ದಾರೆ. ದೆಹಲಿ ವಿಶ್ವವಿದ್ಯಾಲಯದ ಲಾ ಕ್ಯಾಂಪಸ್‌ನಿಂದ ಕಾನೂನು ಪದವಿ ಮತ್ತು ಸಾರ್ವಜನಿಕ ನೀತಿ ವಿಷಯದಲ್ಲಿ ಸ್ನಾತಕೋತ್ತರ ಪದವಿಯನ್ನು ಪಡೆದಿದ್ದಾರೆ. ಮೈಸೂರು ವಿಭಾಗದ ಅಧಿಕಾರಿಗಳು ಮತ್ತು ಸಿಬ್ಬಂದಿ ಮುದಿತ್ ಮಿತ್ತಲ್ ಅವರಿಗೆ
ಆತ್ಮೀಯ ಸ್ವಾಗತ ಕೋರಿದರು. ವಿಭಾಗೀಯ ಹೆಚ್ಚುವರಿ ವ್ಯವಸ್ಥಾಪಕ ಸೇರಿದಂತೆ ಹಿರಿಯ ಅಧಿಕಾರಿಗಳು, ಸಿಬ್ಬಂದಿ ಪಾಲ್ಗೊಂಡಿದ್ದರು.
ವಿ.ಸಿ. ನಾಲೆಯಲ್ಲಿ ಮುಳುಗಿ ಮೂವರು ಮಕ್ಕಳ ಸಾವು
ಸುದ್ದಿಮೂಲ ವಾರ್ತೆ, ಮೈಸೂರು, ಏ.7: ಮಂಡ್ಯ ಜಿಲ್ಲೆಯ ಶ್ರೀರಂಗಪಟ್ಟಣ ತಾಲ್ಲೂಕಿನ ನಾರ್ತ್ ಬ್ಯಾಂಕ್ ಬಳಿ ಇರುವ ವಿ.ಸಿ ನಾಲೆಯಲ್ಲಿ ಮುಳುಗಿ ಮೂವರು ಮಕ್ಕಳು ಸಾವಿಗೀಡಾಗಿರುವ ಘಟನೆ ಸೋಮವಾರ ನಡೆದಿದೆ. ಈ ದುರ್ಘಟನೆಯಲ್ಲಿ ಮೈಸೂರಿನ ಗೌಸಿಯಾನಗರದ ಸೋಹೇಲ್ (17) ಸುಹಾನ್ (16) ಸಿಹಾಲ್ (9) ಎಂಬ ಮೂವರು ಮಕ್ಕಳು ಮೃತಪಟ್ಟಿದ್ದಾರೆ. ಇವರು ಈಜಲು ಹೋಗಿದ್ದಾಗ ದುರಂತ ಸಂಭವಿಸಿದೆ. ಸ್ಥಳಕ್ಕೆ ಪೊಲೀಸರು ಮತ್ತು ಅಗ್ನಿಶಾಮಕ ದಳದ ಸಿಬ್ಬಂದಿ ಭೇಟಿ ನೀಡಿ ಮೃತದೇಹಗಳನ್ನು ಹೊರತೆಗೆದಿದ್ದಾರೆ. ಈ ಸಂಬಂಧ ಕೆ.ಆರ್.ಎಸ್. ಪೊಲೀಸ್ ಠಾಣೆಯಲ್ಲಿ ಪ್ರಕರಣ ದಾಖಲಾಗಿದೆ.
SUDDI MOOLA – Printed and Published by Vishwanath Basavaraj Swamy on behalf of Suddimoola Publishers India Limited. Printed at Abhimaani Prakashana, No. 2/4, Dr.Rajkumar Road, Bengaluru – 560 010 Karnataka.
Published at : # 76/1, 6th Cross, Sampige Road, Malleswaram, Bengaluru – 560 003. Karnataka. Mob:9591374062 Editor : Basavaraj Swamy RNI No.: KARKAN/2023/85361 Vol.02 No.348
